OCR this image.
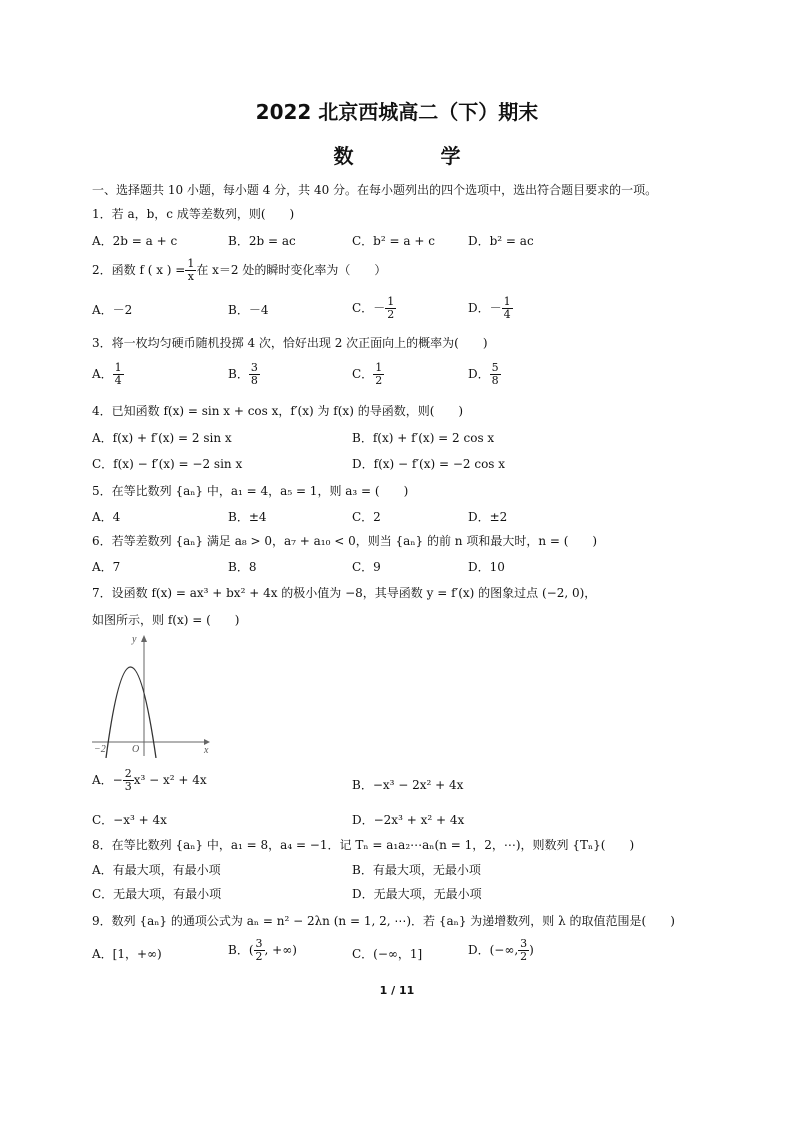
2022 北京西城高二（下）期末
数 学
一、选择题共 10 小题，每小题 4 分，共 40 分。在每小题列出的四个选项中，选出符合题目要求的一项。
1．若 a，b，c 成等差数列，则(　　)
A．2b = a + c	B．2b = ac	C．b² = a + c	D．b² = ac
2．函数 f ( x ) = $\frac{1}{x}$ 在 x＝2 处的瞬时变化率为（　　）
A．－2	B．－4	C．－ $\frac{1}{2}$	D．－ $\frac{1}{4}$
3．将一枚均匀硬币随机投掷 4 次，恰好出现 2 次正面向上的概率为(　　)
A． $\frac{1}{4}$	B． $\frac{3}{8}$	C． $\frac{1}{2}$	D． $\frac{5}{8}$
4．已知函数 f(x) = sin x + cos x，f′(x) 为 f(x) 的导函数，则(　　)
A．f(x) + f′(x) = 2 sin x	B．f(x) + f′(x) = 2 cos x
C．f(x) − f′(x) = −2 sin x	D．f(x) − f′(x) = −2 cos x
5．在等比数列 {aₙ} 中，a₁ = 4，a₅ = 1，则 a₃ = (　　)
A．4	B．±4	C．2	D．±2
6．若等差数列 {aₙ} 满足 a₈ > 0，a₇ + a₁₀ < 0，则当 {aₙ} 的前 n 项和最大时，n = (　　)
A．7	B．8	C．9	D．10
7．设函数 f(x) = ax³ + bx² + 4x 的极小值为 −8，其导函数 y = f′(x) 的图象过点 (−2, 0)，
如图所示，则 f(x) = (　　)
y
x
O
−2
A．− $\frac{2}{3} x^3 - x^2 + 4x$	B．−x³ − 2x² + 4x
C．−x³ + 4x	D．−2x³ + x² + 4x
8．在等比数列 {aₙ} 中，a₁ = 8，a₄ = −1．记 Tₙ = a₁a₂⋯aₙ(n = 1，2，⋯)，则数列 {Tₙ}(　　)
A．有最大项，有最小项	B．有最大项，无最小项
C．无最大项，有最小项	D．无最大项，无最小项
9．数列 {aₙ} 的通项公式为 aₙ = n² − 2λn (n = 1, 2, ⋯)．若 {aₙ} 为递增数列，则 λ 的取值范围是(　　)
A．[1，+∞)	B．( $\frac{3}{2}$ , +∞)	C．(−∞，1]	D．(−∞, $\frac{3}{2}$ )
1 / 11
